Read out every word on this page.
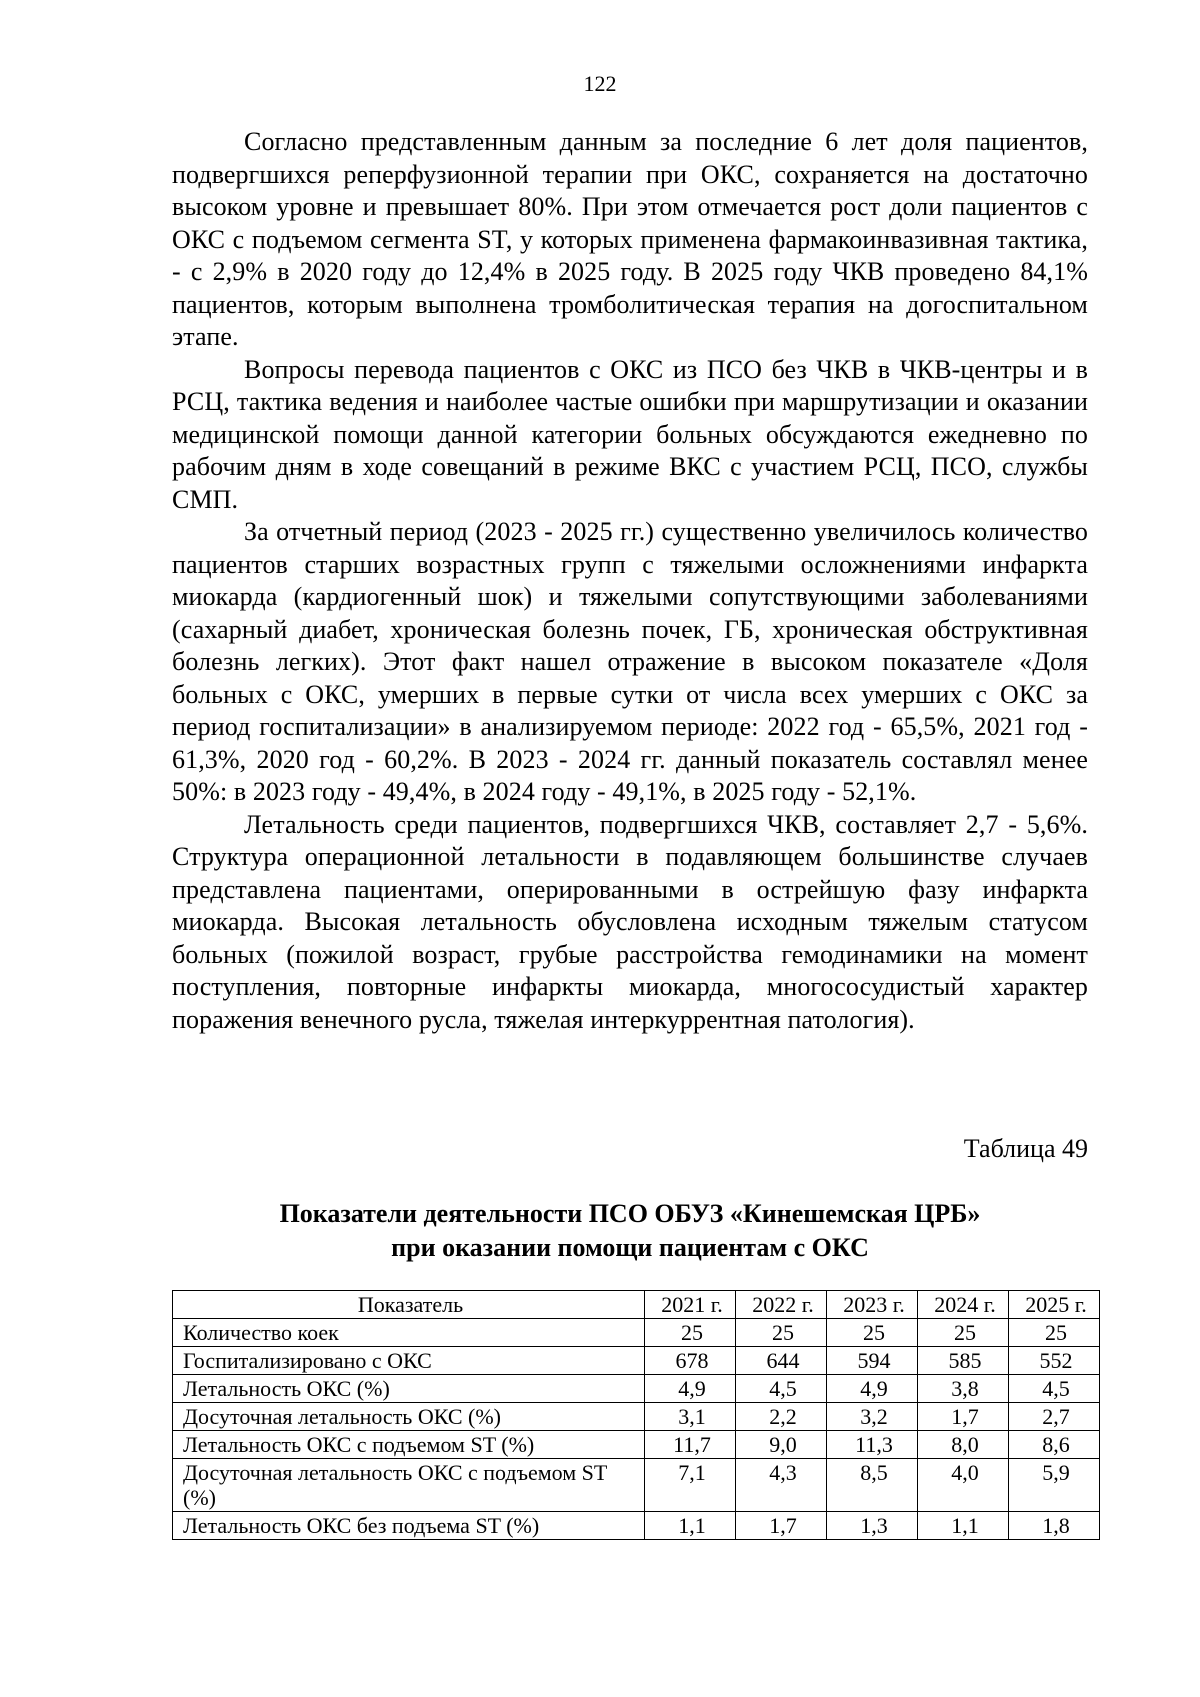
122

Согласно представленным данным за последние 6 лет доля пациентов, подвергшихся реперфузионной терапии при ОКС, сохраняется на достаточно высоком уровне и превышает 80%. При этом отмечается рост доли пациентов с ОКС с подъемом сегмента ST, у которых применена фармакоинвазивная тактика, - с 2,9% в 2020 году до 12,4% в 2025 году. В 2025 году ЧКВ проведено 84,1% пациентов, которым выполнена тромболитическая терапия на догоспитальном этапе.

Вопросы перевода пациентов с ОКС из ПСО без ЧКВ в ЧКВ-центры и в РСЦ, тактика ведения и наиболее частые ошибки при маршрутизации и оказании медицинской помощи данной категории больных обсуждаются ежедневно по рабочим дням в ходе совещаний в режиме ВКС с участием РСЦ, ПСО, службы СМП.

За отчетный период (2023 - 2025 гг.) существенно увеличилось количество пациентов старших возрастных групп с тяжелыми осложнениями инфаркта миокарда (кардиогенный шок) и тяжелыми сопутствующими заболеваниями (сахарный диабет, хроническая болезнь почек, ГБ, хроническая обструктивная болезнь легких). Этот факт нашел отражение в высоком показателе «Доля больных с ОКС, умерших в первые сутки от числа всех умерших с ОКС за период госпитализации» в анализируемом периоде: 2022 год - 65,5%, 2021 год - 61,3%, 2020 год - 60,2%. В 2023 - 2024 гг. данный показатель составлял менее 50%: в 2023 году - 49,4%, в 2024 году - 49,1%, в 2025 году - 52,1%.

Летальность среди пациентов, подвергшихся ЧКВ, составляет 2,7 - 5,6%. Структура операционной летальности в подавляющем большинстве случаев представлена пациентами, оперированными в острейшую фазу инфаркта миокарда. Высокая летальность обусловлена исходным тяжелым статусом больных (пожилой возраст, грубые расстройства гемодинамики на момент поступления, повторные инфаркты миокарда, многососудистый характер поражения венечного русла, тяжелая интеркуррентная патология).

Таблица 49
Показатели деятельности ПСО ОБУЗ «Кинешемская ЦРБ»
при оказании помощи пациентам с ОКС
Показатель	2021 г.	2022 г.	2023 г.	2024 г.	2025 г.
Количество коек	25	25	25	25	25
Госпитализировано с ОКС	678	644	594	585	552
Летальность ОКС (%)	4,9	4,5	4,9	3,8	4,5
Досуточная летальность ОКС (%)	3,1	2,2	3,2	1,7	2,7
Летальность ОКС с подъемом ST (%)	11,7	9,0	11,3	8,0	8,6
Досуточная летальность ОКС с подъемом ST (%)	7,1	4,3	8,5	4,0	5,9
Летальность ОКС без подъема ST (%)	1,1	1,7	1,3	1,1	1,8
